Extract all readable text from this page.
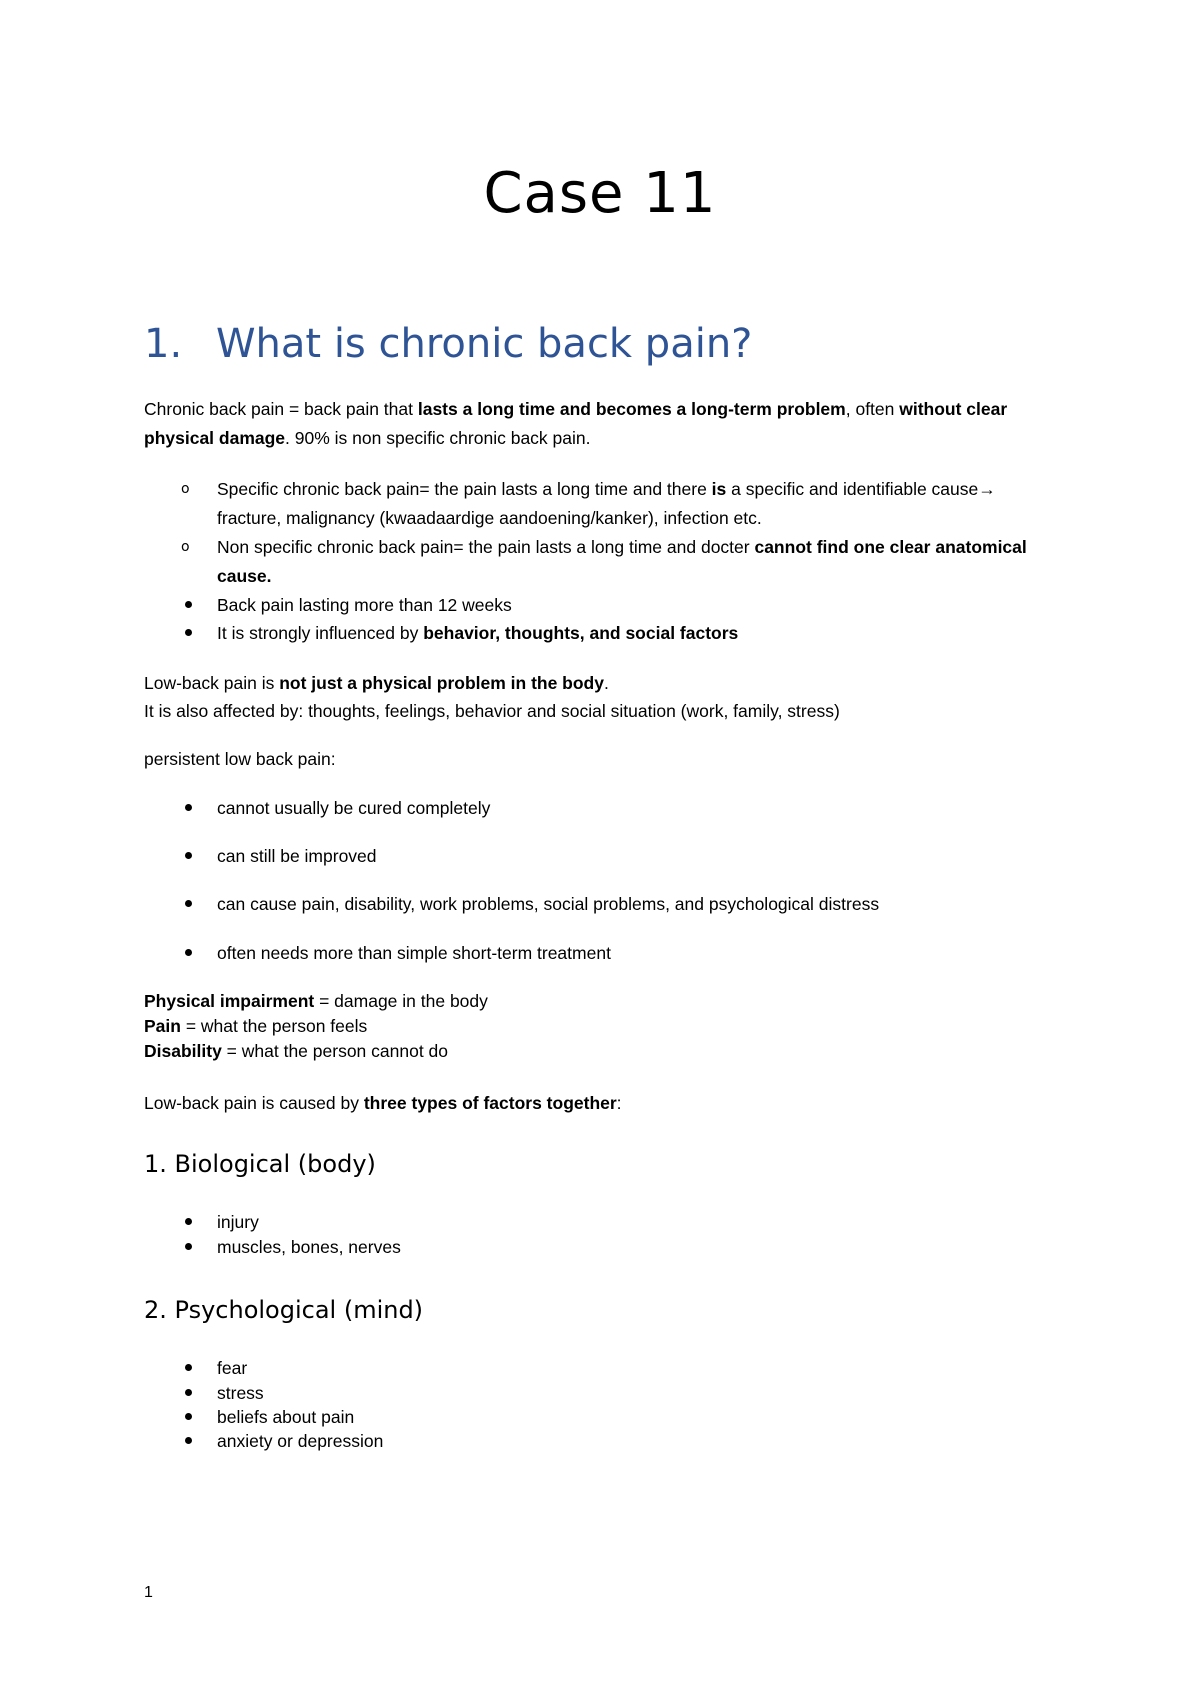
Case 11
1. What is chronic back pain?
Chronic back pain = back pain that lasts a long time and becomes a long-term problem, often without clear
physical damage. 90% is non specific chronic back pain.
o Specific chronic back pain= the pain lasts a long time and there is a specific and identifiable cause→
fracture, malignancy (kwaadaardige aandoening/kanker), infection etc.
o Non specific chronic back pain= the pain lasts a long time and docter cannot find one clear anatomical
cause.
Back pain lasting more than 12 weeks
It is strongly influenced by behavior, thoughts, and social factors
Low-back pain is not just a physical problem in the body.
It is also affected by: thoughts, feelings, behavior and social situation (work, family, stress)
persistent low back pain:
cannot usually be cured completely
can still be improved
can cause pain, disability, work problems, social problems, and psychological distress
often needs more than simple short-term treatment
Physical impairment = damage in the body
Pain = what the person feels
Disability = what the person cannot do
Low-back pain is caused by three types of factors together:
1. Biological (body)
injury
muscles, bones, nerves
2. Psychological (mind)
fear
stress
beliefs about pain
anxiety or depression
1
